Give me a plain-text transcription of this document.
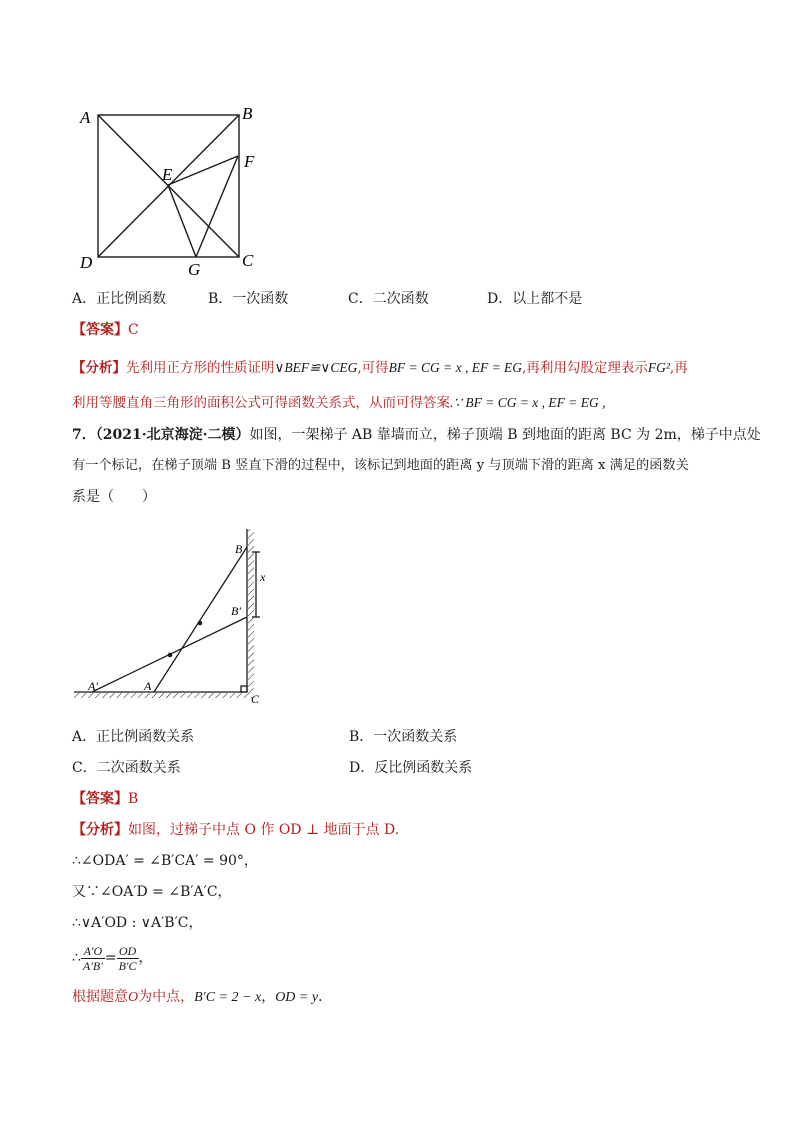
A	B
C
D
E
F
G
A．正比例函数	B．一次函数	C．二次函数	D．以上都不是
【答案】C
【分析】先利用正方形的性质证明∨BEF≌∨CEG,可得BF = CG = x , EF = EG,再利用勾股定理表示FG²,再
利用等腰直角三角形的面积公式可得函数关系式，从而可得答案.∵ BF = CG = x , EF = EG ,
7．（2021·北京海淀·二模）如图，一架梯子 AB 靠墙而立，梯子顶端 B 到地面的距离 BC 为 2m，梯子中点处
有一个标记，在梯子顶端 B 竖直下滑的过程中，该标记到地面的距离 y 与顶端下滑的距离 x 满足的函数关
系是（　　）
B
B′
x
A′	A
C
A．正比例函数关系	B．一次函数关系
C．二次函数关系	D．反比例函数关系
【答案】B
【分析】如图，过梯子中点 O 作 OD ⊥ 地面于点 D.
∴∠ODA′ = ∠B′CA′ = 90°，
又∵∠OA′D = ∠B′A′C，
∴∨A′OD : ∨A′B′C，
∴ $\frac{A'O}{A'B'} = \frac{OD}{B'C}$ ，
根据题意O为中点，B′C = 2 − x，OD = y．
